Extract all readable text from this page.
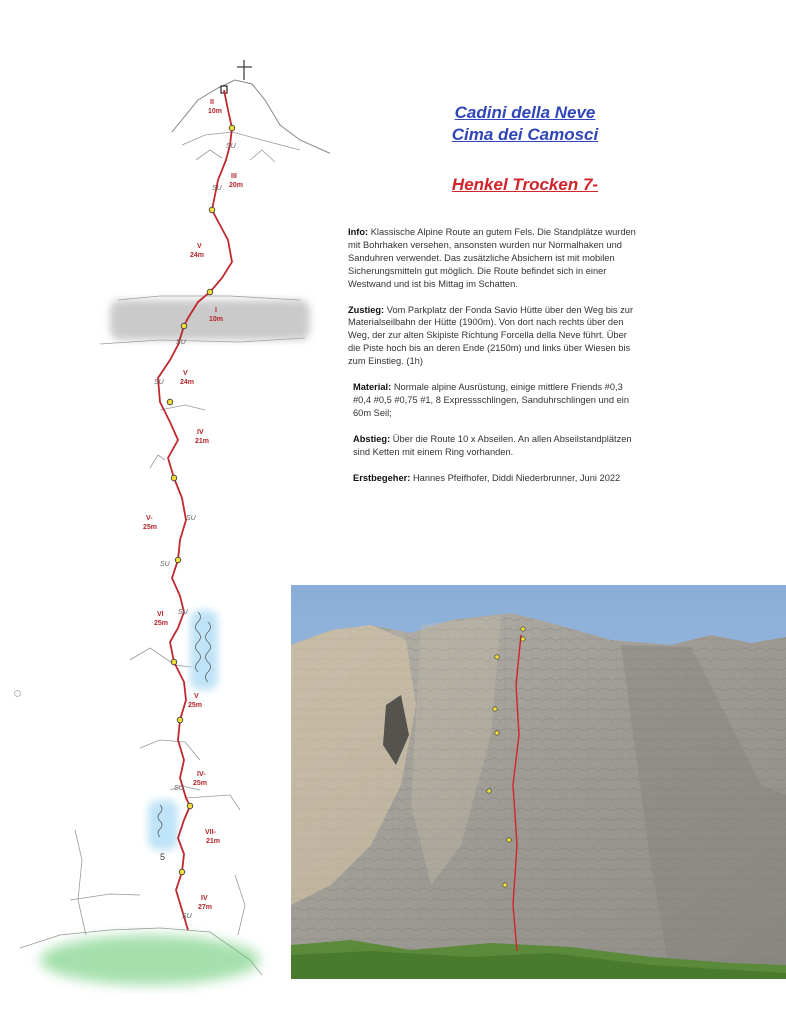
II
10m
III
20m
V
24m
I
10m
V
24m
IV
21m
V-
25m
VI
25m
V
25m
IV-
25m
VII-
21m
IV
27m
SU
SU
SU
SU
SU
SU
SU
SU
SU
5
Cadini della Neve
Cima dei Camosci
Henkel Trocken 7-

Info: Klassische Alpine Route an gutem Fels. Die Standplätze wurden mit Bohrhaken versehen, ansonsten wurden nur Normalhaken und Sanduhren verwendet. Das zusätzliche Absichern ist mit mobilen Sicherungsmitteln gut möglich. Die Route befindet sich in einer Westwand und ist bis Mittag im Schatten.

Zustieg: Vom Parkplatz der Fonda Savio Hütte über den Weg bis zur Materialseilbahn der Hütte (1900m). Von dort nach rechts über den Weg, der zur alten Skipiste Richtung Forcella della Neve führt. Über die Piste hoch bis an deren Ende (2150m) und links über Wiesen bis zum Einstieg. (1h)

Material: Normale alpine Ausrüstung, einige mittlere Friends #0,3 #0,4 #0,5 #0,75 #1, 8 Expressschlingen, Sanduhrschlingen und ein 60m Seil;

Abstieg: Über die Route 10 x Abseilen. An allen Abseilstandplätzen sind Ketten mit einem Ring vorhanden.

Erstbegeher: Hannes Pfeifhofer, Diddi Niederbrunner, Juni 2022
